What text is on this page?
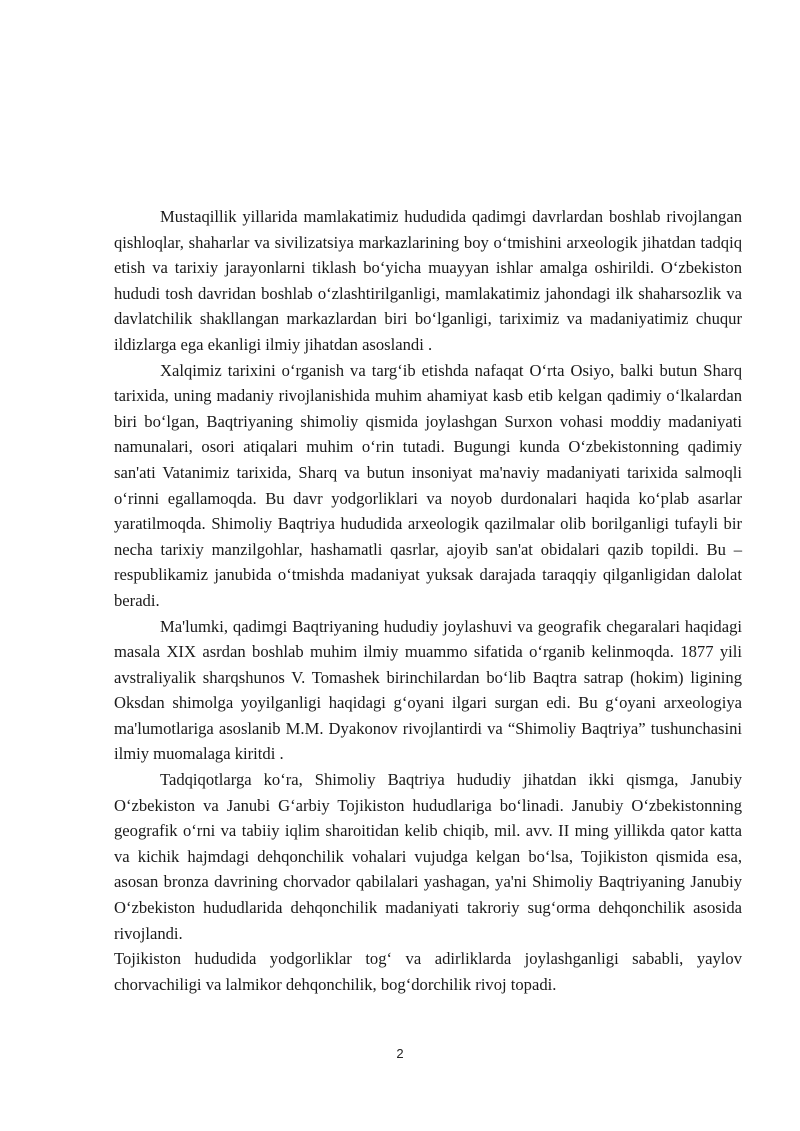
Mustaqillik yillarida mamlakatimiz hududida qadimgi davrlardan boshlab rivojlangan qishloqlar, shaharlar va sivilizatsiya markazlarining boy o‘tmishini arxeologik jihatdan tadqiq etish va tarixiy jarayonlarni tiklash bo‘yicha muayyan ishlar amalga oshirildi. O‘zbekiston hududi tosh davridan boshlab o‘zlashtirilganligi, mamlakatimiz jahondagi ilk shaharsozlik va davlatchilik shakllangan markazlardan biri bo‘lganligi, tariximiz va madaniyatimiz chuqur ildizlarga ega ekanligi ilmiy jihatdan asoslandi .

Xalqimiz tarixini o‘rganish va targ‘ib etishda nafaqat O‘rta Osiyo, balki butun Sharq tarixida, uning madaniy rivojlanishida muhim ahamiyat kasb etib kelgan qadimiy o‘lkalardan biri bo‘lgan, Baqtriyaning shimoliy qismida joylashgan Surxon vohasi moddiy madaniyati namunalari, osori atiqalari muhim o‘rin tutadi. Bugungi kunda O‘zbekistonning qadimiy san'ati Vatanimiz tarixida, Sharq va butun insoniyat ma'naviy madaniyati tarixida salmoqli o‘rinni egallamoqda. Bu davr yodgorliklari va noyob durdonalari haqida ko‘plab asarlar yaratilmoqda. Shimoliy Baqtriya hududida arxeologik qazilmalar olib borilganligi tufayli bir necha tarixiy manzilgohlar, hashamatli qasrlar, ajoyib san'at obidalari qazib topildi. Bu – respublikamiz janubida o‘tmishda madaniyat yuksak darajada taraqqiy qilganligidan dalolat beradi.

Ma'lumki, qadimgi Baqtriyaning hududiy joylashuvi va geografik chegaralari haqidagi masala XIX asrdan boshlab muhim ilmiy muammo sifatida o‘rganib kelinmoqda. 1877 yili avstraliyalik sharqshunos V. Tomashek birinchilardan bo‘lib Baqtra satrap (hokim) ligining Oksdan shimolga yoyilganligi haqidagi g‘oyani ilgari surgan edi. Bu g‘oyani arxeologiya ma'lumotlariga asoslanib M.M. Dyakonov rivojlantirdi va “Shimoliy Baqtriya” tushunchasini ilmiy muomalaga kiritdi .

Tadqiqotlarga ko‘ra, Shimoliy Baqtriya hududiy jihatdan ikki qismga, Janubiy O‘zbekiston va Janubi G‘arbiy Tojikiston hududlariga bo‘linadi. Janubiy O‘zbekistonning geografik o‘rni va tabiiy iqlim sharoitidan kelib chiqib, mil. avv. II ming yillikda qator katta va kichik hajmdagi dehqonchilik vohalari vujudga kelgan bo‘lsa, Tojikiston qismida esa, asosan bronza davrining chorvador qabilalari yashagan, ya'ni Shimoliy Baqtriyaning Janubiy O‘zbekiston hududlarida dehqonchilik madaniyati takroriy sug‘orma dehqonchilik asosida rivojlandi.

Tojikiston hududida yodgorliklar tog‘ va adirliklarda joylashganligi sababli, yaylov chorvachiligi va lalmikor dehqonchilik, bog‘dorchilik rivoj topadi.

2
